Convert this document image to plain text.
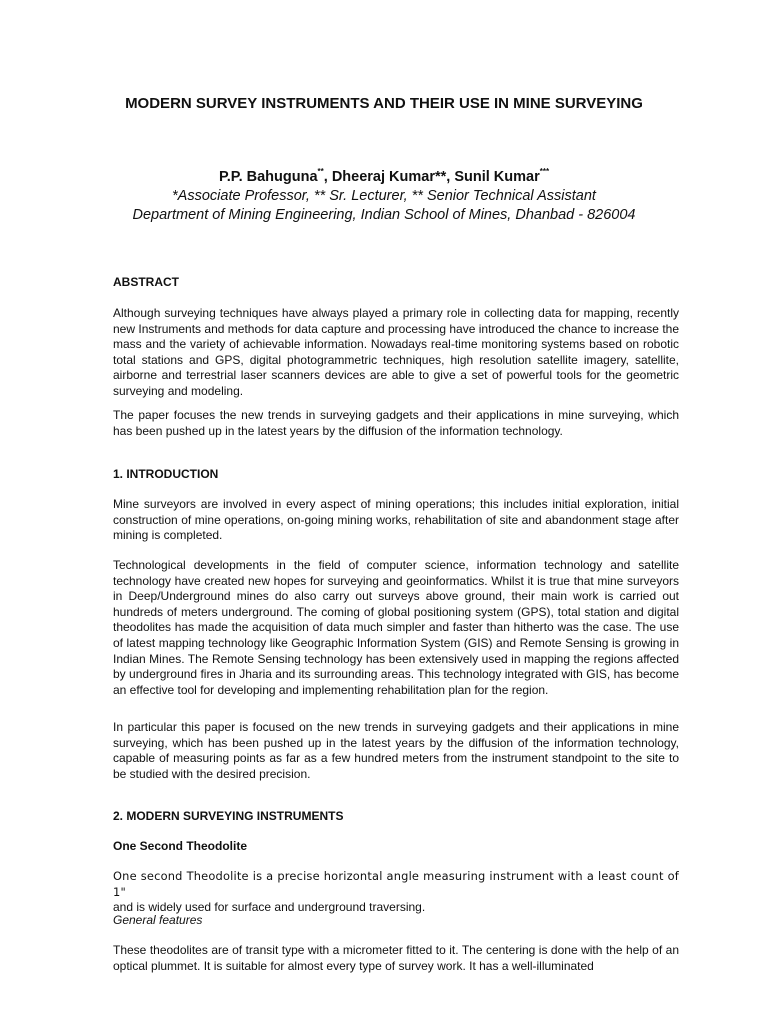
MODERN SURVEY INSTRUMENTS AND THEIR USE IN MINE SURVEYING
P.P. Bahuguna**, Dheeraj Kumar**, Sunil Kumar***
*Associate Professor, ** Sr. Lecturer, ** Senior Technical Assistant
Department of Mining Engineering, Indian School of Mines, Dhanbad - 826004
ABSTRACT

Although surveying techniques have always played a primary role in collecting data for mapping, recently new Instruments and methods for data capture and processing have introduced the chance to increase the mass and the variety of achievable information. Nowadays real-time monitoring systems based on robotic total stations and GPS, digital photogrammetric techniques, high resolution satellite imagery, satellite, airborne and terrestrial laser scanners devices are able to give a set of powerful tools for the geometric surveying and modeling.

The paper focuses the new trends in surveying gadgets and their applications in mine surveying, which has been pushed up in the latest years by the diffusion of the information technology.

1. INTRODUCTION

Mine surveyors are involved in every aspect of mining operations; this includes initial exploration, initial construction of mine operations, on-going mining works, rehabilitation of site and abandonment stage after mining is completed.

Technological developments in the field of computer science, information technology and satellite technology have created new hopes for surveying and geoinformatics. Whilst it is true that mine surveyors in Deep/Underground mines do also carry out surveys above ground, their main work is carried out hundreds of meters underground. The coming of global positioning system (GPS), total station and digital theodolites has made the acquisition of data much simpler and faster than hitherto was the case. The use of latest mapping technology like Geographic Information System (GIS) and Remote Sensing is growing in Indian Mines. The Remote Sensing technology has been extensively used in mapping the regions affected by underground fires in Jharia and its surrounding areas. This technology integrated with GIS, has become an effective tool for developing and implementing rehabilitation plan for the region.

In particular this paper is focused on the new trends in surveying gadgets and their applications in mine surveying, which has been pushed up in the latest years by the diffusion of the information technology, capable of measuring points as far as a few hundred meters from the instrument standpoint to the site to be studied with the desired precision.

2. MODERN SURVEYING INSTRUMENTS
One Second Theodolite

One second Theodolite is a precise horizontal angle measuring instrument with a least count of 1"
and is widely used for surface and underground traversing.

General features

These theodolites are of transit type with a micrometer fitted to it. The centering is done with the help of an optical plummet. It is suitable for almost every type of survey work. It has a well-illuminated
